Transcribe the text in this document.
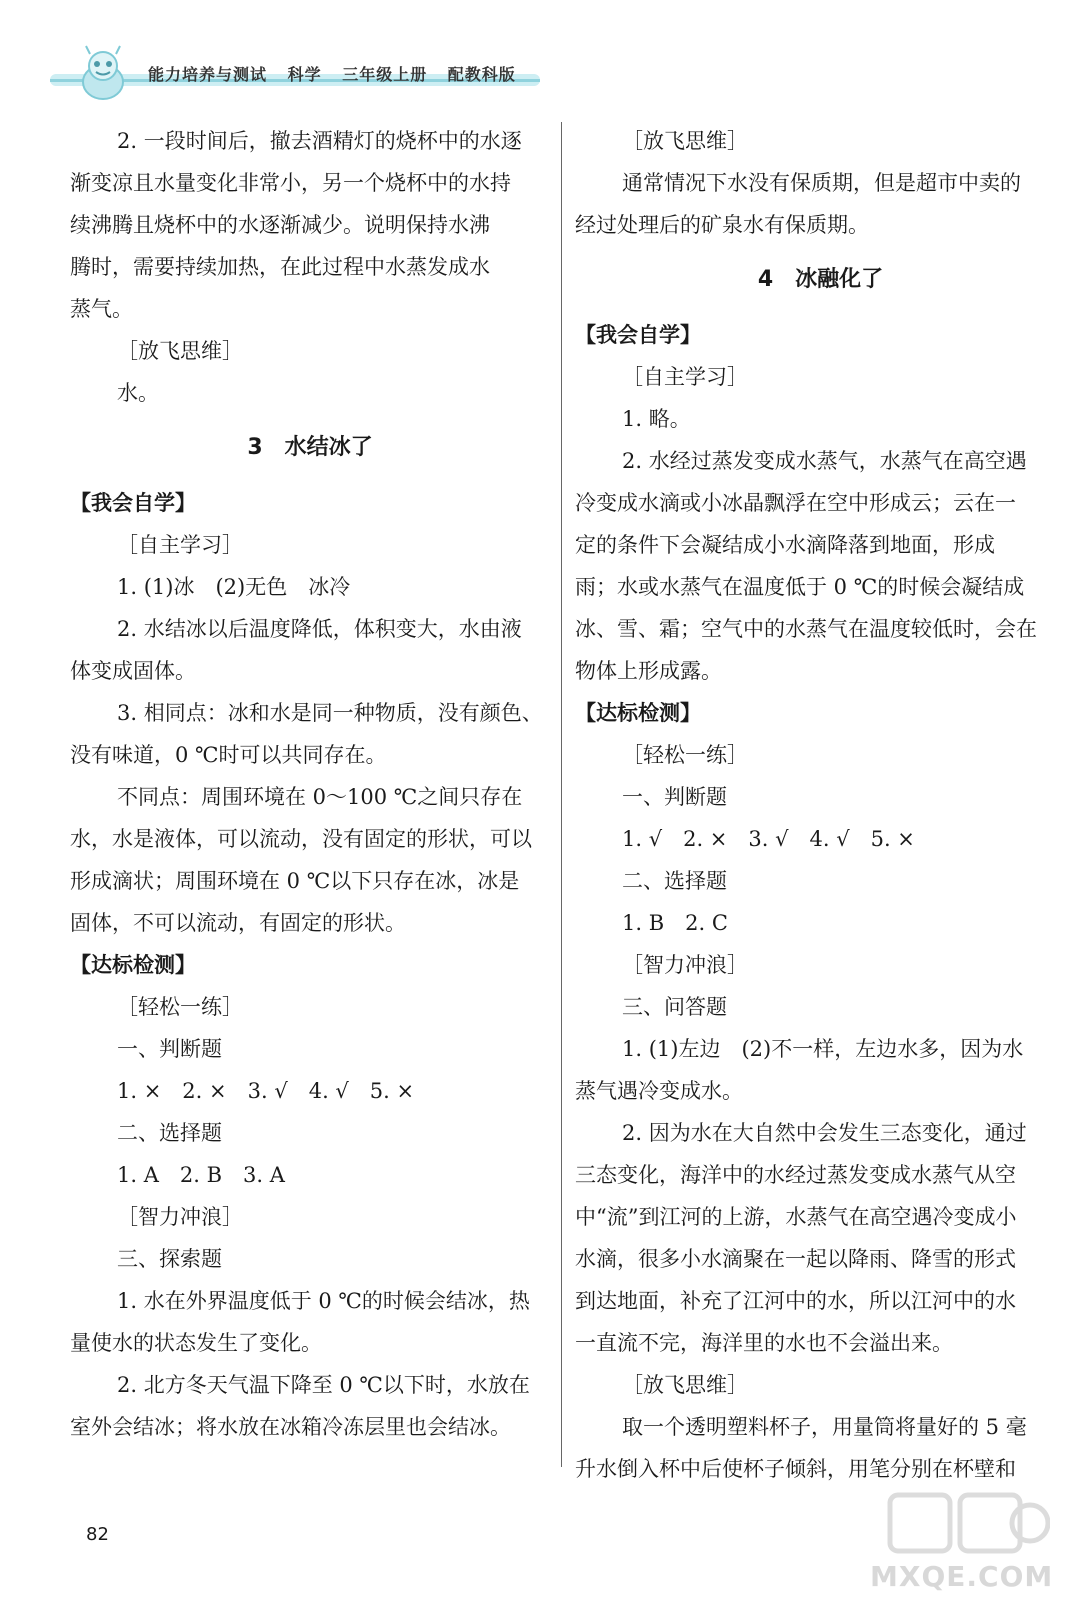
能力培养与测试 科学 三年级上册 配教科版
2. 一段时间后，撤去酒精灯的烧杯中的水逐
渐变凉且水量变化非常小，另一个烧杯中的水持
续沸腾且烧杯中的水逐渐减少。说明保持水沸
腾时，需要持续加热，在此过程中水蒸发成水
蒸气。
［放飞思维］
水。
3　水结冰了
【我会自学】
［自主学习］
1. (1)冰　(2)无色　冰冷
2. 水结冰以后温度降低，体积变大，水由液
体变成固体。
3. 相同点：冰和水是同一种物质，没有颜色、
没有味道，0 ℃时可以共同存在。
不同点：周围环境在 0～100 ℃之间只存在
水，水是液体，可以流动，没有固定的形状，可以
形成滴状；周围环境在 0 ℃以下只存在冰，冰是
固体，不可以流动，有固定的形状。
【达标检测】
［轻松一练］
一、判断题
1. ×　2. ×　3. √　4. √　5. ×
二、选择题
1. A　2. B　3. A
［智力冲浪］
三、探索题
1. 水在外界温度低于 0 ℃的时候会结冰，热
量使水的状态发生了变化。
2. 北方冬天气温下降至 0 ℃以下时，水放在
室外会结冰；将水放在冰箱冷冻层里也会结冰。
［放飞思维］
通常情况下水没有保质期，但是超市中卖的
经过处理后的矿泉水有保质期。
4　冰融化了
【我会自学】
［自主学习］
1. 略。
2. 水经过蒸发变成水蒸气，水蒸气在高空遇
冷变成水滴或小冰晶飘浮在空中形成云；云在一
定的条件下会凝结成小水滴降落到地面，形成
雨；水或水蒸气在温度低于 0 ℃的时候会凝结成
冰、雪、霜；空气中的水蒸气在温度较低时，会在
物体上形成露。
【达标检测】
［轻松一练］
一、判断题
1. √　2. ×　3. √　4. √　5. ×
二、选择题
1. B　2. C
［智力冲浪］
三、问答题
1. (1)左边　(2)不一样，左边水多，因为水
蒸气遇冷变成水。
2. 因为水在大自然中会发生三态变化，通过
三态变化，海洋中的水经过蒸发变成水蒸气从空
中“流”到江河的上游，水蒸气在高空遇冷变成小
水滴，很多小水滴聚在一起以降雨、降雪的形式
到达地面，补充了江河中的水，所以江河中的水
一直流不完，海洋里的水也不会溢出来。
［放飞思维］
取一个透明塑料杯子，用量筒将量好的 5 毫
升水倒入杯中后使杯子倾斜，用笔分别在杯壁和
82
MXQE.COM
